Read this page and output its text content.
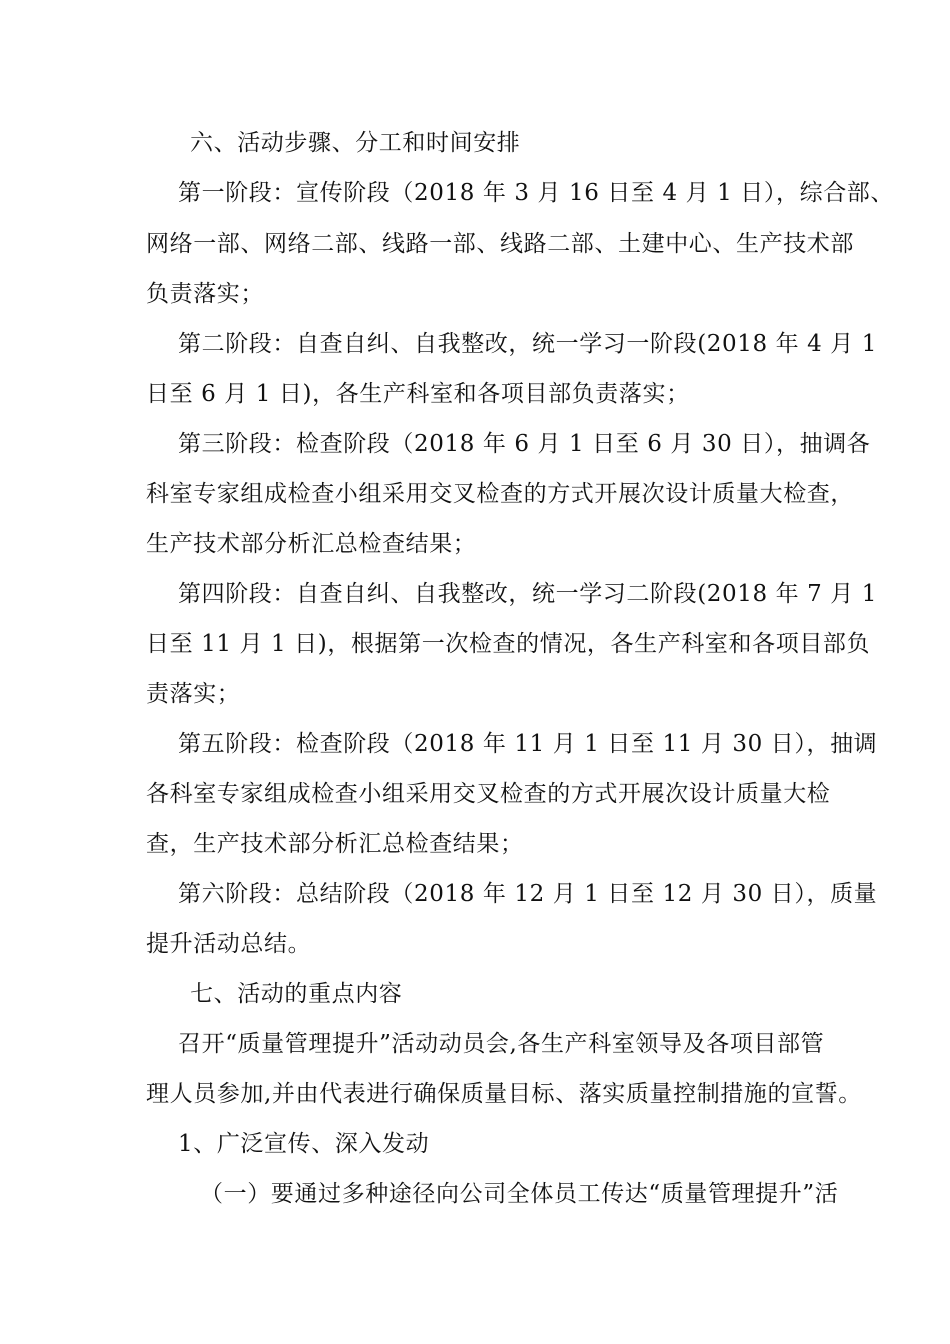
六、活动步骤、分工和时间安排
第一阶段：宣传阶段（2018 年 3 月 16 日至 4 月 1 日），综合部、
网络一部、网络二部、线路一部、线路二部、土建中心、生产技术部
负责落实；
第二阶段：自查自纠、自我整改，统一学习一阶段(2018 年 4 月 1
日至 6 月 1 日)，各生产科室和各项目部负责落实；
第三阶段：检查阶段（2018 年 6 月 1 日至 6 月 30 日），抽调各
科室专家组成检查小组采用交叉检查的方式开展次设计质量大检查，
生产技术部分析汇总检查结果；
第四阶段：自查自纠、自我整改，统一学习二阶段(2018 年 7 月 1
日至 11 月 1 日)，根据第一次检查的情况，各生产科室和各项目部负
责落实；
第五阶段：检查阶段（2018 年 11 月 1 日至 11 月 30 日），抽调
各科室专家组成检查小组采用交叉检查的方式开展次设计质量大检
查，生产技术部分析汇总检查结果；
第六阶段：总结阶段（2018 年 12 月 1 日至 12 月 30 日），质量
提升活动总结。
七、活动的重点内容
召开“质量管理提升”活动动员会,各生产科室领导及各项目部管
理人员参加,并由代表进行确保质量目标、落实质量控制措施的宣誓。
1、广泛宣传、深入发动
（一）要通过多种途径向公司全体员工传达“质量管理提升”活
